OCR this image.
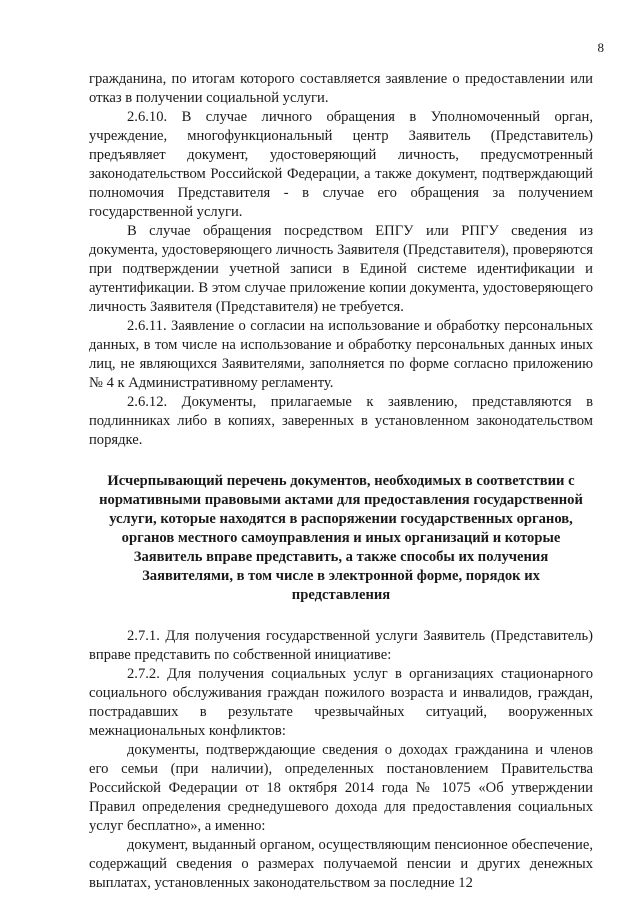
8

гражданина, по итогам которого составляется заявление о предоставлении или отказ в получении социальной услуги.

2.6.10. В случае личного обращения в Уполномоченный орган, учреждение, многофункциональный центр Заявитель (Представитель) предъявляет документ, удостоверяющий личность, предусмотренный законодательством Российской Федерации, а также документ, подтверждающий полномочия Представителя - в случае его обращения за получением государственной услуги.

В случае обращения посредством ЕПГУ или РПГУ сведения из документа, удостоверяющего личность Заявителя (Представителя), проверяются при подтверждении учетной записи в Единой системе идентификации и аутентификации. В этом случае приложение копии документа, удостоверяющего личность Заявителя (Представителя) не требуется.

2.6.11. Заявление о согласии на использование и обработку персональных данных, в том числе на использование и обработку персональных данных иных лиц, не являющихся Заявителями, заполняется по форме согласно приложению № 4 к Административному регламенту.

2.6.12. Документы, прилагаемые к заявлению, представляются в подлинниках либо в копиях, заверенных в установленном законодательством порядке.

Исчерпывающий перечень документов, необходимых в соответствии с нормативными правовыми актами для предоставления государственной услуги, которые находятся в распоряжении государственных органов, органов местного самоуправления и иных организаций и которые Заявитель вправе представить, а также способы их получения Заявителями, в том числе в электронной форме, порядок их представления

2.7.1. Для получения государственной услуги Заявитель (Представитель) вправе представить по собственной инициативе:

2.7.2. Для получения социальных услуг в организациях стационарного социального обслуживания граждан пожилого возраста и инвалидов, граждан, пострадавших в результате чрезвычайных ситуаций, вооруженных межнациональных конфликтов:

документы, подтверждающие сведения о доходах гражданина и членов его семьи (при наличии), определенных постановлением Правительства Российской Федерации от 18 октября 2014 года № 1075 «Об утверждении Правил определения среднедушевого дохода для предоставления социальных услуг бесплатно», а именно:

документ, выданный органом, осуществляющим пенсионное обеспечение, содержащий сведения о размерах получаемой пенсии и других денежных выплатах, установленных законодательством за последние 12
